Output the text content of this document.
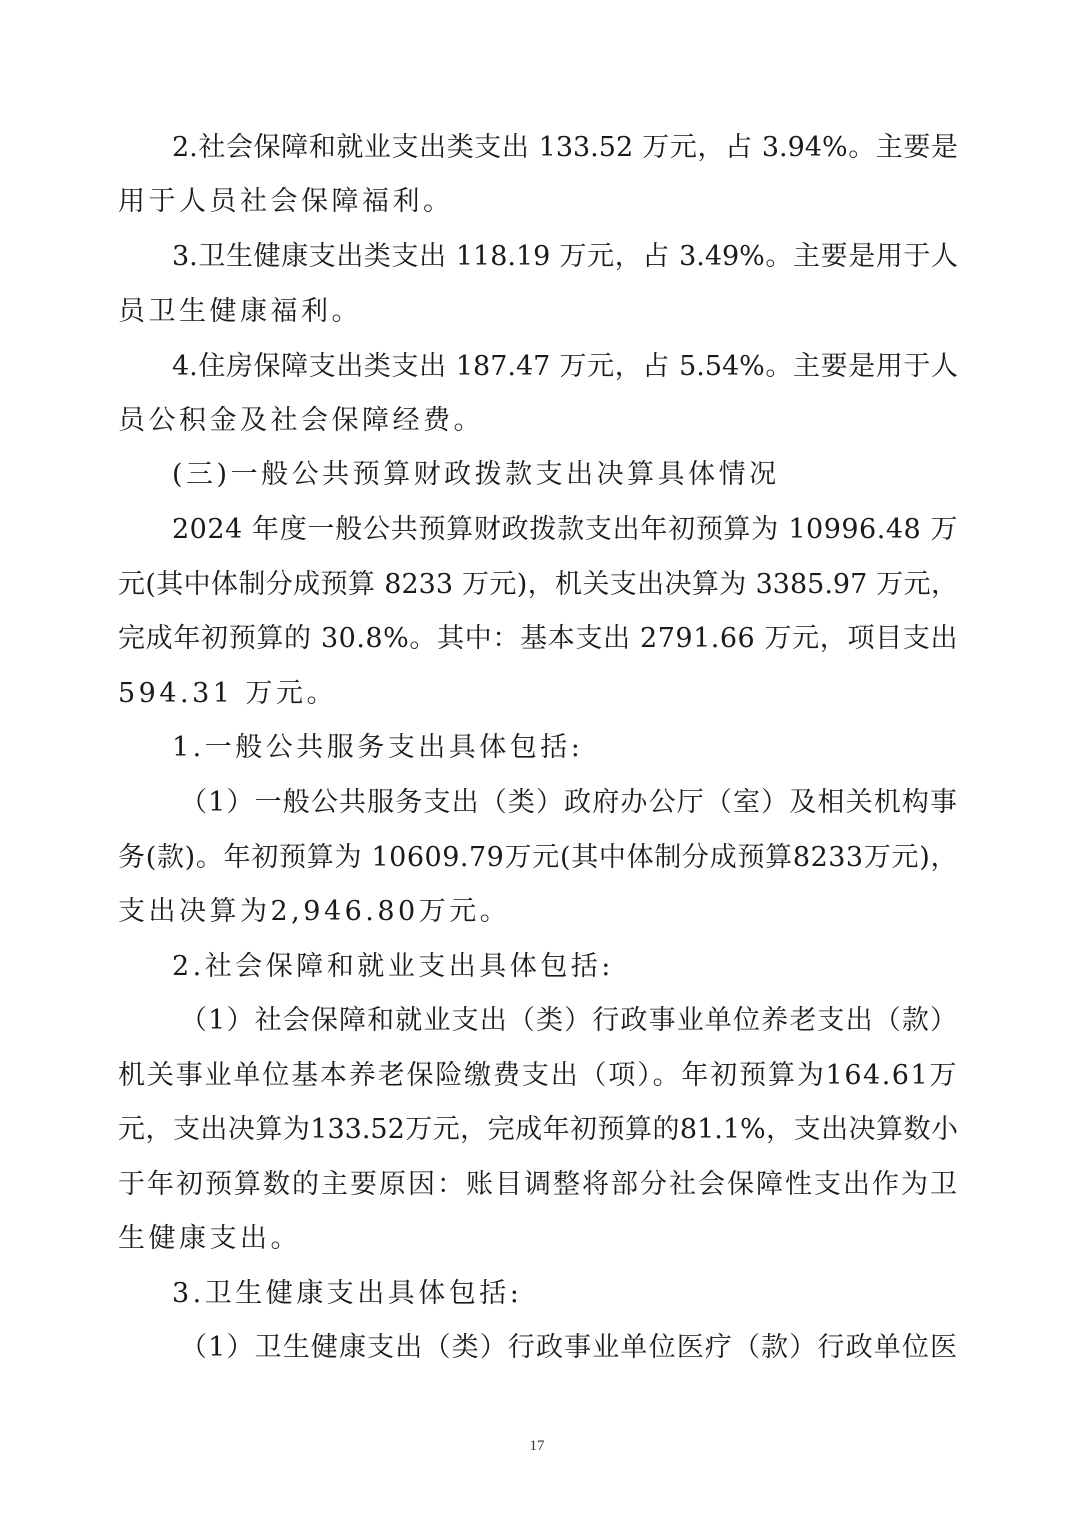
2.社会保障和就业支出类支出 133.52 万元，占 3.94%。主要是
用于人员社会保障福利。
3.卫生健康支出类支出 118.19 万元，占 3.49%。主要是用于人
员卫生健康福利。
4.住房保障支出类支出 187.47 万元，占 5.54%。主要是用于人
员公积金及社会保障经费。
(三)一般公共预算财政拨款支出决算具体情况
2024 年度一般公共预算财政拨款支出年初预算为 10996.48 万
元(其中体制分成预算 8233 万元)，机关支出决算为 3385.97 万元，
完成年初预算的 30.8%。其中：基本支出 2791.66 万元，项目支出
594.31 万元。
1.一般公共服务支出具体包括:
（1）一般公共服务支出（类）政府办公厅（室）及相关机构事
务(款)。年初预算为 10609.79万元(其中体制分成预算8233万元)，
支出决算为2,946.80万元。
2.社会保障和就业支出具体包括:
（1）社会保障和就业支出（类）行政事业单位养老支出（款）
机关事业单位基本养老保险缴费支出（项）。年初预算为164.61万
元，支出决算为133.52万元，完成年初预算的81.1%，支出决算数小
于年初预算数的主要原因：账目调整将部分社会保障性支出作为卫
生健康支出。
3.卫生健康支出具体包括:
（1）卫生健康支出（类）行政事业单位医疗（款）行政单位医
17
